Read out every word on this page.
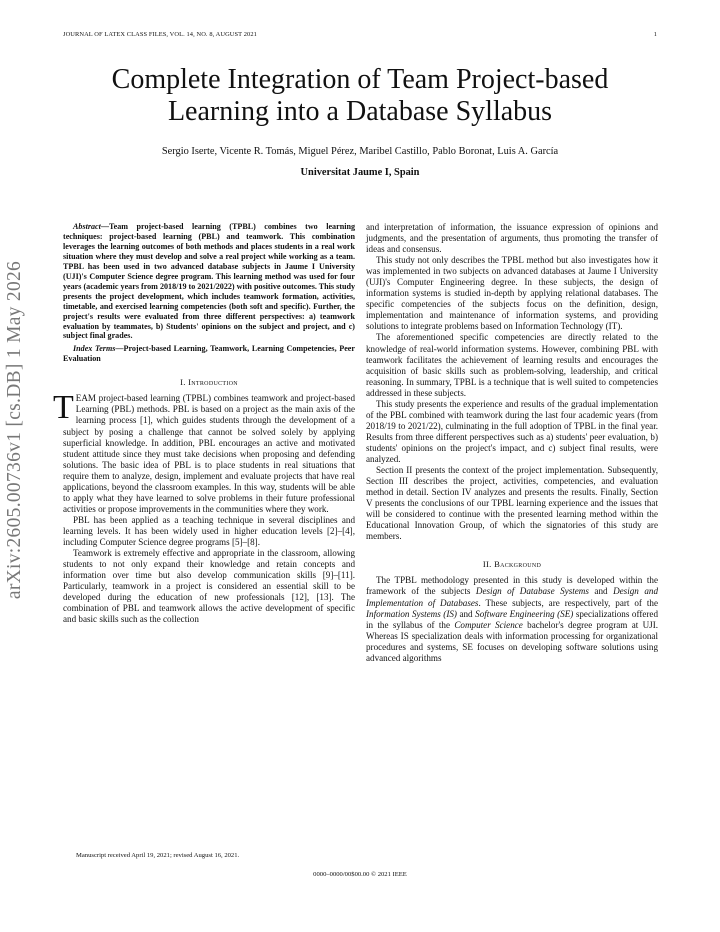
JOURNAL OF LATEX CLASS FILES, VOL. 14, NO. 8, AUGUST 2021	1
arXiv:2605.00736v1 [cs.DB] 1 May 2026
Complete Integration of Team Project-based Learning into a Database Syllabus
Sergio Iserte, Vicente R. Tomás, Miguel Pérez, Maribel Castillo, Pablo Boronat, Luis A. García
Universitat Jaume I, Spain

Abstract—Team project-based learning (TPBL) combines two learning techniques: project-based learning (PBL) and teamwork. This combination leverages the learning outcomes of both methods and places students in a real work situation where they must develop and solve a real project while working as a team. TPBL has been used in two advanced database subjects in Jaume I University (UJI)'s Computer Science degree program. This learning method was used for four years (academic years from 2018/19 to 2021/2022) with positive outcomes. This study presents the project development, which includes teamwork formation, activities, timetable, and exercised learning competencies (both soft and specific). Further, the project's results were evaluated from three different perspectives: a) teamwork evaluation by teammates, b) Students' opinions on the subject and project, and c) subject final grades.

Index Terms—Project-based Learning, Teamwork, Learning Competencies, Peer Evaluation

I. Introduction

TEAM project-based learning (TPBL) combines teamwork and project-based Learning (PBL) methods. PBL is based on a project as the main axis of the learning process [1], which guides students through the development of a subject by posing a challenge that cannot be solved solely by applying superficial knowledge. In addition, PBL encourages an active and motivated student attitude since they must take decisions when proposing and defending solutions. The basic idea of PBL is to place students in real situations that require them to analyze, design, implement and evaluate projects that have real applications, beyond the classroom examples. In this way, students will be able to apply what they have learned to solve problems in their future professional activities or propose improvements in the communities where they work.

PBL has been applied as a teaching technique in several disciplines and learning levels. It has been widely used in higher education levels [2]–[4], including Computer Science degree programs [5]–[8].

Teamwork is extremely effective and appropriate in the classroom, allowing students to not only expand their knowledge and retain concepts and information over time but also develop communication skills [9]–[11]. Particularly, teamwork in a project is considered an essential skill to be developed during the education of new professionals [12], [13]. The combination of PBL and teamwork allows the active development of specific and basic skills such as the collection

and interpretation of information, the issuance expression of opinions and judgments, and the presentation of arguments, thus promoting the transfer of ideas and consensus.

This study not only describes the TPBL method but also investigates how it was implemented in two subjects on advanced databases at Jaume I University (UJI)'s Computer Engineering degree. In these subjects, the design of information systems is studied in-depth by applying relational databases. The specific competencies of the subjects focus on the definition, design, implementation and maintenance of information systems, and providing solutions to integrate problems based on Information Technology (IT).

The aforementioned specific competencies are directly related to the knowledge of real-world information systems. However, combining PBL with teamwork facilitates the achievement of learning results and encourages the acquisition of basic skills such as problem-solving, leadership, and critical reasoning. In summary, TPBL is a technique that is well suited to competencies addressed in these subjects.

This study presents the experience and results of the gradual implementation of the PBL combined with teamwork during the last four academic years (from 2018/19 to 2021/22), culminating in the full adoption of TPBL in the final year. Results from three different perspectives such as a) students' peer evaluation, b) students' opinions on the project's impact, and c) subject final results, were analyzed.

Section II presents the context of the project implementation. Subsequently, Section III describes the project, activities, competencies, and evaluation method in detail. Section IV analyzes and presents the results. Finally, Section V presents the conclusions of our TPBL learning experience and the issues that will be considered to continue with the presented learning method within the Educational Innovation Group, of which the signatories of this study are members.

II. Background

The TPBL methodology presented in this study is developed within the framework of the subjects Design of Database Systems and Design and Implementation of Databases. These subjects, are respectively, part of the Information Systems (IS) and Software Engineering (SE) specializations offered in the syllabus of the Computer Science bachelor's degree program at UJI. Whereas IS specialization deals with information processing for organizational procedures and systems, SE focuses on developing software solutions using advanced algorithms

Manuscript received April 19, 2021; revised August 16, 2021.
0000–0000/00$00.00 © 2021 IEEE
